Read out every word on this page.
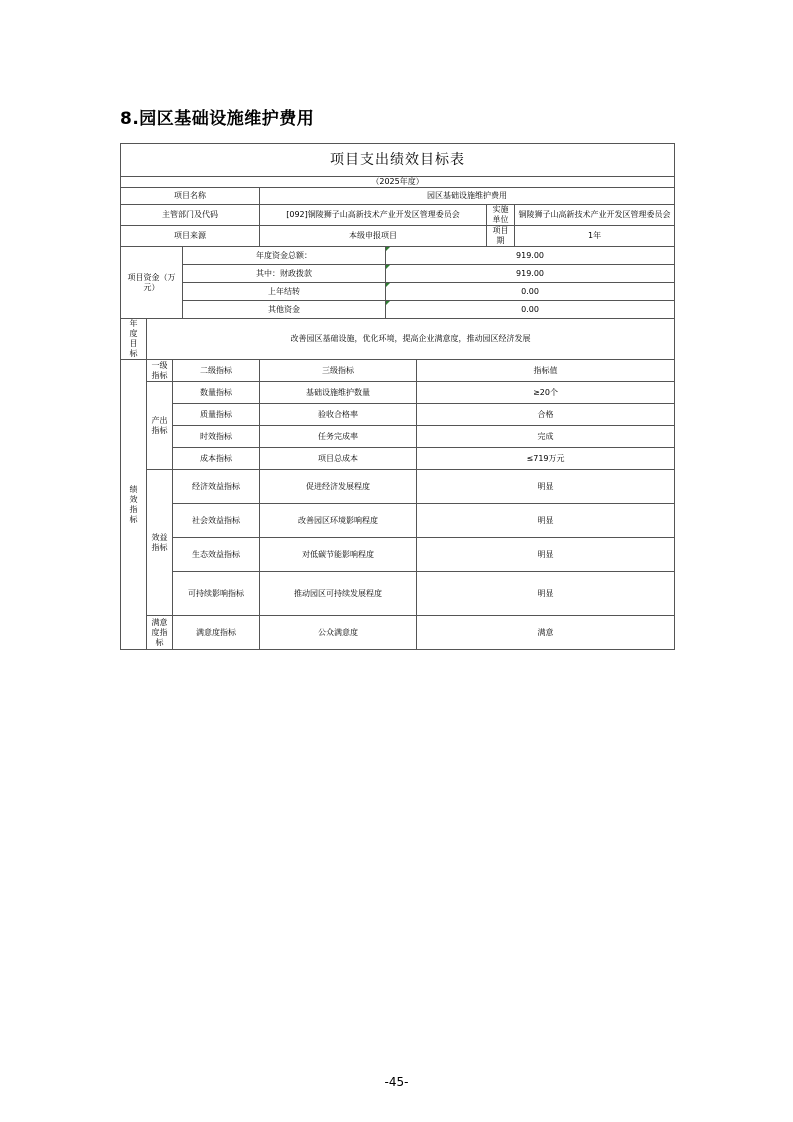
8.园区基础设施维护费用
项目支出绩效目标表								
（2025年度）								
项目名称				园区基础设施维护费用				
主管部门及代码				[092]铜陵狮子山高新技术产业开发区管理委员会			实施单位	铜陵狮子山高新技术产业开发区管理委员会
项目来源				本级申报项目			项目期	1年
项目资金（万元）			年度资金总额：		919.00			
			其中：财政拨款		919.00			
			上年结转		0.00			
			其他资金		0.00			
年度目标	改善园区基础设施，优化环境，提高企业满意度，推动园区经济发展							
绩效指标	一级指标	二级指标		三级指标		指标值		
	产出指标	数量指标		基础设施维护数量		≥20个		
		质量指标		验收合格率		合格		
		时效指标		任务完成率		完成		
		成本指标		项目总成本		≤719万元		
	效益指标	经济效益指标		促进经济发展程度		明显		
		社会效益指标		改善园区环境影响程度		明显		
		生态效益指标		对低碳节能影响程度		明显		
		可持续影响指标		推动园区可持续发展程度		明显		
	满意度指标	满意度指标		公众满意度		满意		
-45-
